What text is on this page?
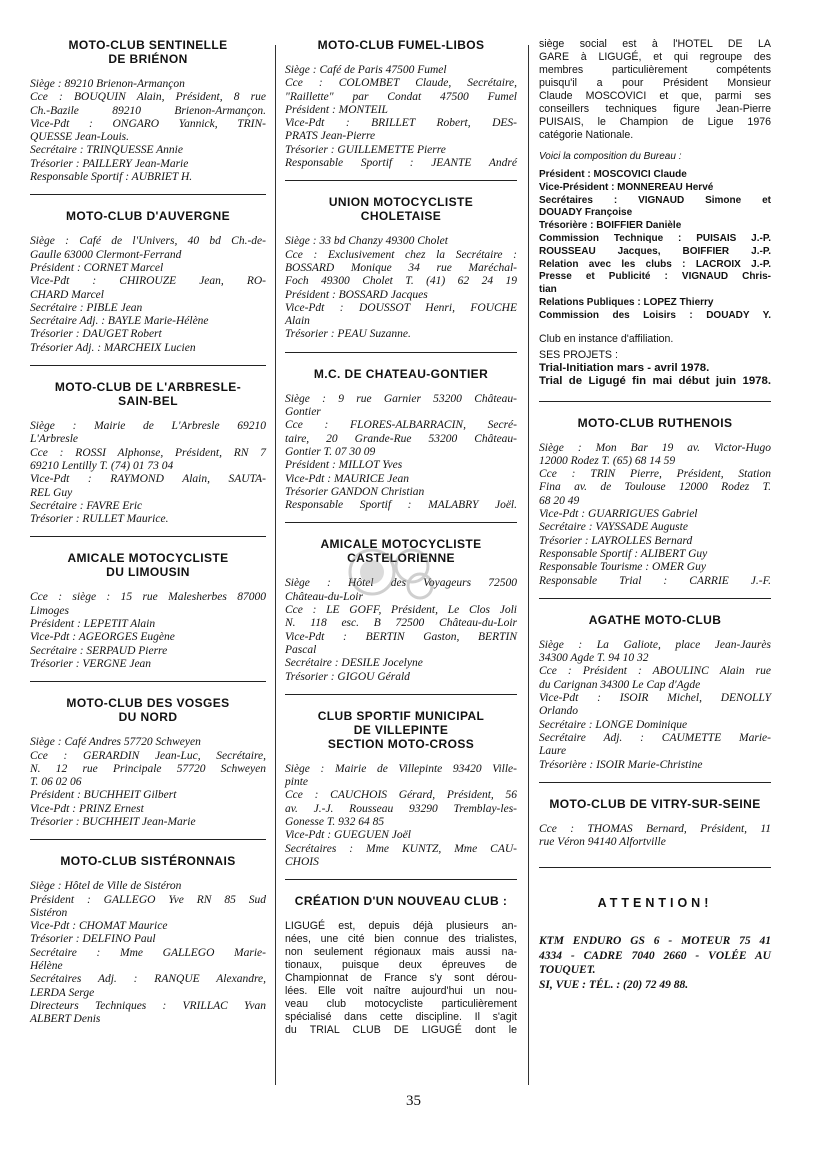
MOTO-CLUB SENTINELLE
DE BRIÉNON

Siège : 89210 Brienon-Armançon

Cce : BOUQUIN Alain, Président, 8 rue

Ch.-Bazile 89210 Brienon-Armançon.

Vice-Pdt : ONGARO Yannick, TRIN-

QUESSE Jean-Louis.

Secrétaire : TRINQUESSE Annie

Trésorier : PAILLERY Jean-Marie

Responsable Sportif : AUBRIET H.

MOTO-CLUB D'AUVERGNE

Siège : Café de l'Univers, 40 bd Ch.-de-

Gaulle 63000 Clermont-Ferrand

Président : CORNET Marcel

Vice-Pdt : CHIROUZE Jean, RO-

CHARD Marcel

Secrétaire : PIBLE Jean

Secrétaire Adj. : BAYLE Marie-Hélène

Trésorier : DAUGET Robert

Trésorier Adj. : MARCHEIX Lucien

MOTO-CLUB DE L'ARBRESLE-
SAIN-BEL

Siège : Mairie de L'Arbresle 69210

L'Arbresle

Cce : ROSSI Alphonse, Président, RN 7

69210 Lentilly T. (74) 01 73 04

Vice-Pdt : RAYMOND Alain, SAUTA-

REL Guy

Secrétaire : FAVRE Eric

Trésorier : RULLET Maurice.

AMICALE MOTOCYCLISTE
DU LIMOUSIN

Cce : siège : 15 rue Malesherbes 87000

Limoges

Président : LEPETIT Alain

Vice-Pdt : AGEORGES Eugène

Secrétaire : SERPAUD Pierre

Trésorier : VERGNE Jean

MOTO-CLUB DES VOSGES
DU NORD

Siège : Café Andres 57720 Schweyen

Cce : GERARDIN Jean-Luc, Secrétaire,

N. 12 rue Principale 57720 Schweyen

T. 06 02 06

Président : BUCHHEIT Gilbert

Vice-Pdt : PRINZ Ernest

Trésorier : BUCHHEIT Jean-Marie

MOTO-CLUB SISTÉRONNAIS

Siège : Hôtel de Ville de Sistéron

Président : GALLEGO Yve RN 85 Sud

Sistéron

Vice-Pdt : CHOMAT Maurice

Trésorier : DELFINO Paul

Secrétaire : Mme GALLEGO Marie-

Hélène

Secrétaires Adj. : RANQUE Alexandre,

LERDA Serge

Directeurs Techniques : VRILLAC Yvan

ALBERT Denis

MOTO-CLUB FUMEL-LIBOS

Siège : Café de Paris 47500 Fumel

Cce : COLOMBET Claude, Secrétaire,

"Raillette" par Condat 47500 Fumel

Président : MONTEIL

Vice-Pdt : BRILLET Robert, DES-

PRATS Jean-Pierre

Trésorier : GUILLEMETTE Pierre

Responsable Sportif : JEANTE André

UNION MOTOCYCLISTE
CHOLETAISE

Siège : 33 bd Chanzy 49300 Cholet

Cce : Exclusivement chez la Secrétaire :

BOSSARD Monique 34 rue Maréchal-

Foch 49300 Cholet T. (41) 62 24 19

Président : BOSSARD Jacques

Vice-Pdt : DOUSSOT Henri, FOUCHE

Alain

Trésorier : PEAU Suzanne.

M.C. DE CHATEAU-GONTIER

Siège : 9 rue Garnier 53200 Château-

Gontier

Cce : FLORES-ALBARRACIN, Secré-

taire, 20 Grande-Rue 53200 Château-

Gontier T. 07 30 09

Président : MILLOT Yves

Vice-Pdt : MAURICE Jean

Trésorier GANDON Christian

Responsable Sportif : MALABRY Joël.

AMICALE MOTOCYCLISTE
CASTELORIENNE

Siège : Hôtel des Voyageurs 72500

Château-du-Loir

Cce : LE GOFF, Président, Le Clos Joli

N. 118 esc. B 72500 Château-du-Loir

Vice-Pdt : BERTIN Gaston, BERTIN

Pascal

Secrétaire : DESILE Jocelyne

Trésorier : GIGOU Gérald

CLUB SPORTIF MUNICIPAL
DE VILLEPINTE
SECTION MOTO-CROSS

Siège : Mairie de Villepinte 93420 Ville-

pinte

Cce : CAUCHOIS Gérard, Président, 56

av. J.-J. Rousseau 93290 Tremblay-les-

Gonesse T. 932 64 85

Vice-Pdt : GUEGUEN Joël

Secrétaires : Mme KUNTZ, Mme CAU-

CHOIS

CRÉATION D'UN NOUVEAU CLUB :

LIGUGÉ est, depuis déjà plusieurs an-

nées, une cité bien connue des trialistes,

non seulement régionaux mais aussi na-

tionaux, puisque deux épreuves de

Championnat de France s'y sont dérou-

lées. Elle voit naître aujourd'hui un nou-

veau club motocycliste particulièrement

spécialisé dans cette discipline. Il s'agit

du TRIAL CLUB DE LIGUGÉ dont le

siège social est à l'HOTEL DE LA

GARE à LIGUGÉ, et qui regroupe des

membres particulièrement compétents

puisqu'il a pour Président Monsieur

Claude MOSCOVICI et que, parmi ses

conseillers techniques figure Jean-Pierre

PUISAIS, le Champion de Ligue 1976

catégorie Nationale.

Voici la composition du Bureau :

Président : MOSCOVICI Claude

Vice-Président : MONNEREAU Hervé

Secrétaires : VIGNAUD Simone et

DOUADY Françoise

Trésorière : BOIFFIER Danièle

Commission Technique : PUISAIS J.-P.

ROUSSEAU Jacques, BOIFFIER J.-P.

Relation avec les clubs : LACROIX J.-P.

Presse et Publicité : VIGNAUD Chris-

tian

Relations Publiques : LOPEZ Thierry

Commission des Loisirs : DOUADY Y.

Club en instance d'affiliation.

SES PROJETS :

Trial-Initiation mars - avril 1978.

Trial de Ligugé fin mai début juin 1978.

MOTO-CLUB RUTHENOIS

Siège : Mon Bar 19 av. Victor-Hugo

12000 Rodez T. (65) 68 14 59

Cce : TRIN Pierre, Président, Station

Fina av. de Toulouse 12000 Rodez T.

68 20 49

Vice-Pdt : GUARRIGUES Gabriel

Secrétaire : VAYSSADE Auguste

Trésorier : LAYROLLES Bernard

Responsable Sportif : ALIBERT Guy

Responsable Tourisme : OMER Guy

Responsable Trial : CARRIE J.-F.

AGATHE MOTO-CLUB

Siège : La Galiote, place Jean-Jaurès

34300 Agde T. 94 10 32

Cce : Président : ABOULINC Alain rue

du Carignan 34300 Le Cap d'Agde

Vice-Pdt : ISOIR Michel, DENOLLY

Orlando

Secrétaire : LONGE Dominique

Secrétaire Adj. : CAUMETTE Marie-

Laure

Trésorière : ISOIR Marie-Christine

MOTO-CLUB DE VITRY-SUR-SEINE

Cce : THOMAS Bernard, Président, 11

rue Véron 94140 Alfortville

ATTENTION!

KTM ENDURO GS 6 - MOTEUR 75 41

4334 - CADRE 7040 2660 - VOLÉE AU

TOUQUET.

SI, VUE : TÉL. : (20) 72 49 88.

35
